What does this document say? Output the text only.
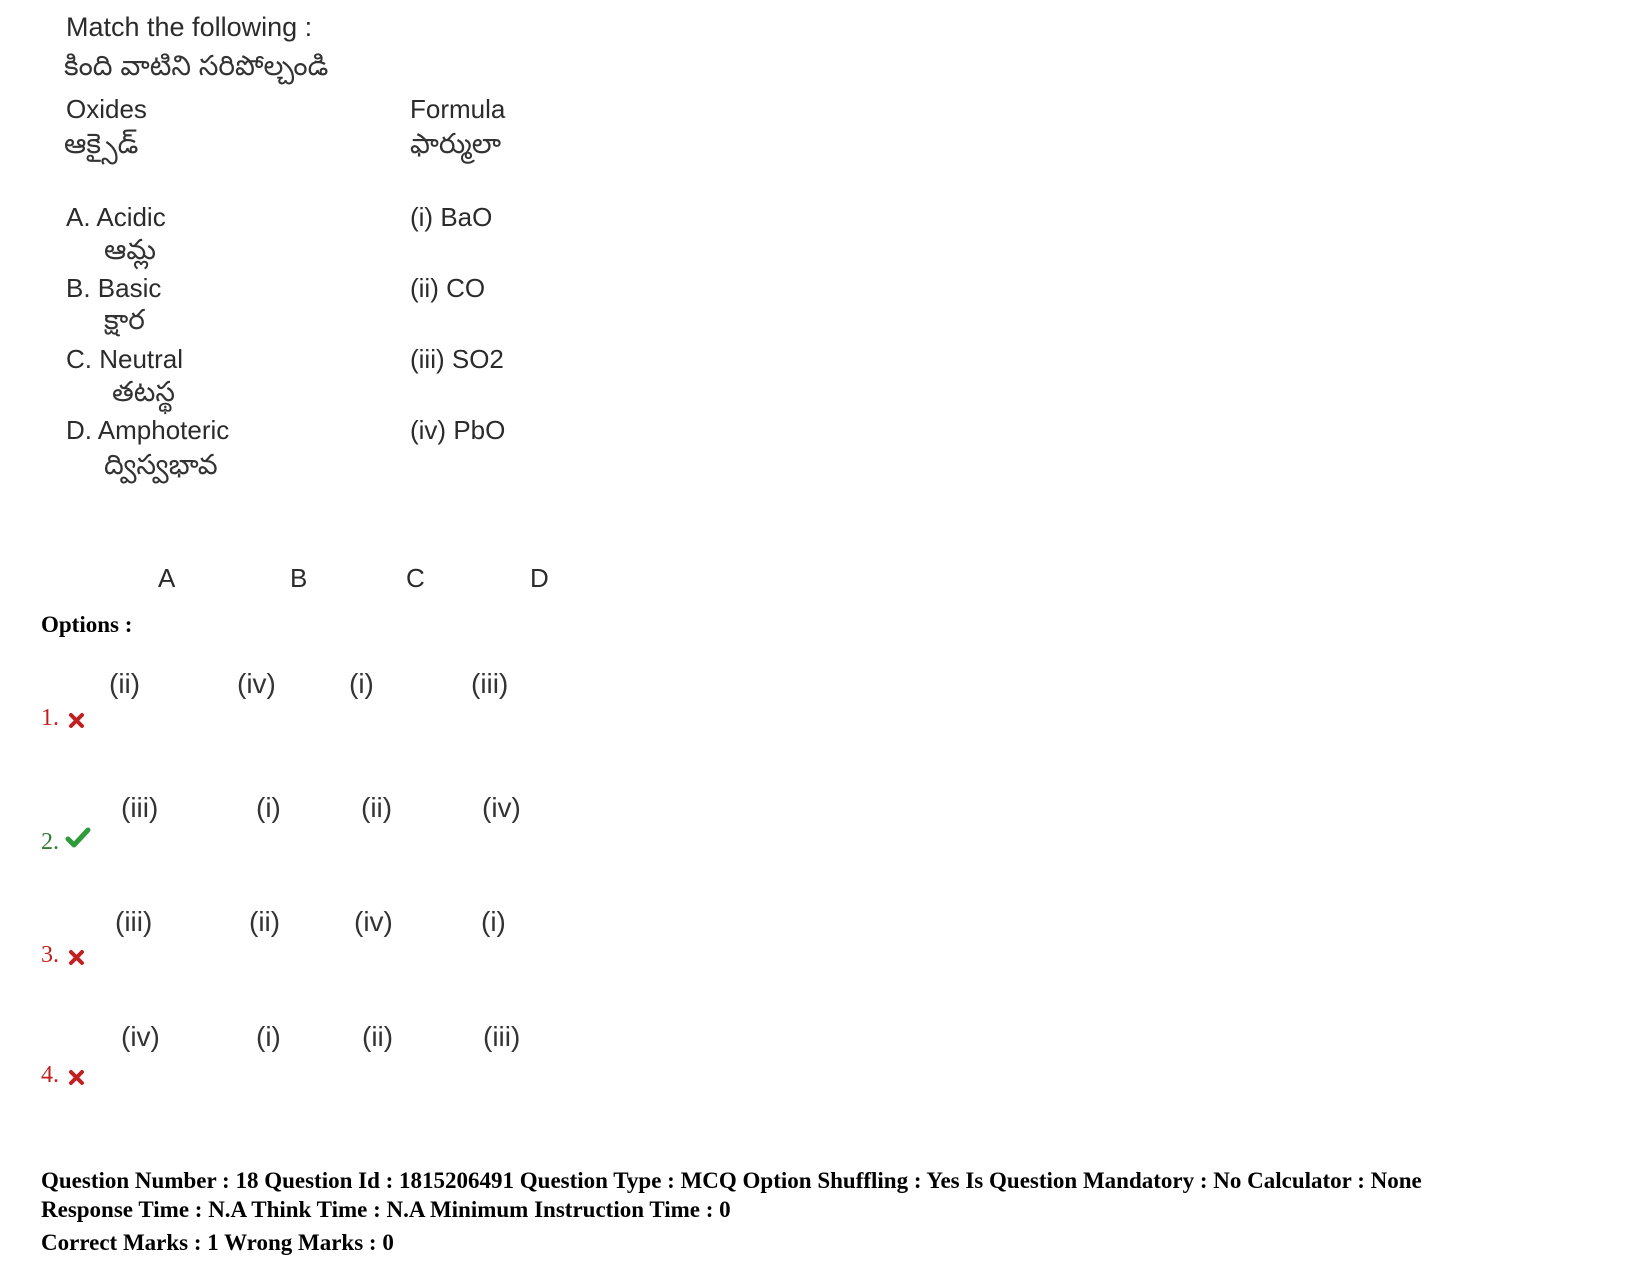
Match the following :
కింది వాటిని సరిపోల్చండి
Oxides
ఆక్సైడ్
Formula
ఫార్ములా
A. Acidic
ఆమ్ల
(i) BaO
B. Basic
క్షార
(ii) CO
C. Neutral
తటస్థ
(iii) SO2
D. Amphoteric
ద్విస్వభావ
(iv) PbO
A	B	C	D
Options :
(ii)	(iv)	(i)	(iii)
1.
(iii)	(i)	(ii)	(iv)
2.
(iii)	(ii)	(iv)	(i)
3.
(iv)	(i)	(ii)	(iii)
4.
Question Number : 18 Question Id : 1815206491 Question Type : MCQ Option Shuffling : Yes Is Question Mandatory : No Calculator : None
Response Time : N.A Think Time : N.A Minimum Instruction Time : 0
Correct Marks : 1 Wrong Marks : 0
